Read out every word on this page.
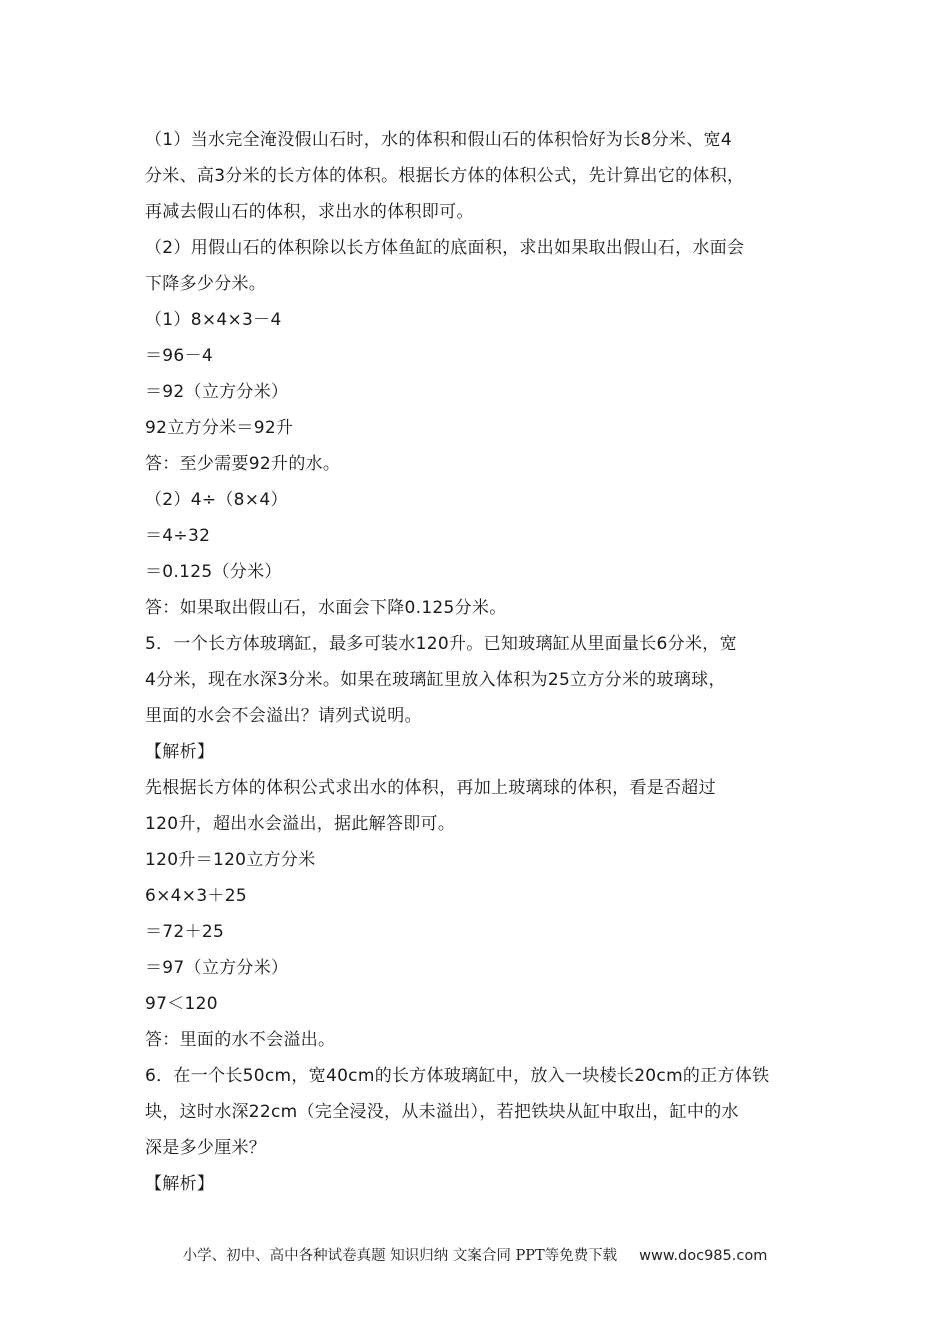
（1）当水完全淹没假山石时，水的体积和假山石的体积恰好为长8分米、宽4
分米、高3分米的长方体的体积。根据长方体的体积公式，先计算出它的体积，
再减去假山石的体积，求出水的体积即可。
（2）用假山石的体积除以长方体鱼缸的底面积，求出如果取出假山石，水面会
下降多少分米。
（1）8×4×3－4
＝96－4
＝92（立方分米）
92立方分米＝92升
答：至少需要92升的水。
（2）4÷（8×4）
＝4÷32
＝0.125（分米）
答：如果取出假山石，水面会下降0.125分米。
5．一个长方体玻璃缸，最多可装水120升。已知玻璃缸从里面量长6分米，宽
4分米，现在水深3分米。如果在玻璃缸里放入体积为25立方分米的玻璃球，
里面的水会不会溢出？请列式说明。
【解析】
先根据长方体的体积公式求出水的体积，再加上玻璃球的体积，看是否超过
120升，超出水会溢出，据此解答即可。
120升＝120立方分米
6×4×3＋25
＝72＋25
＝97（立方分米）
97＜120
答：里面的水不会溢出。
6．在一个长50cm，宽40cm的长方体玻璃缸中，放入一块棱长20cm的正方体铁
块，这时水深22cm（完全浸没，从未溢出），若把铁块从缸中取出，缸中的水
深是多少厘米？
【解析】
小学、初中、高中各种试卷真题 知识归纳 文案合同 PPT等免费下载 www.doc985.com
